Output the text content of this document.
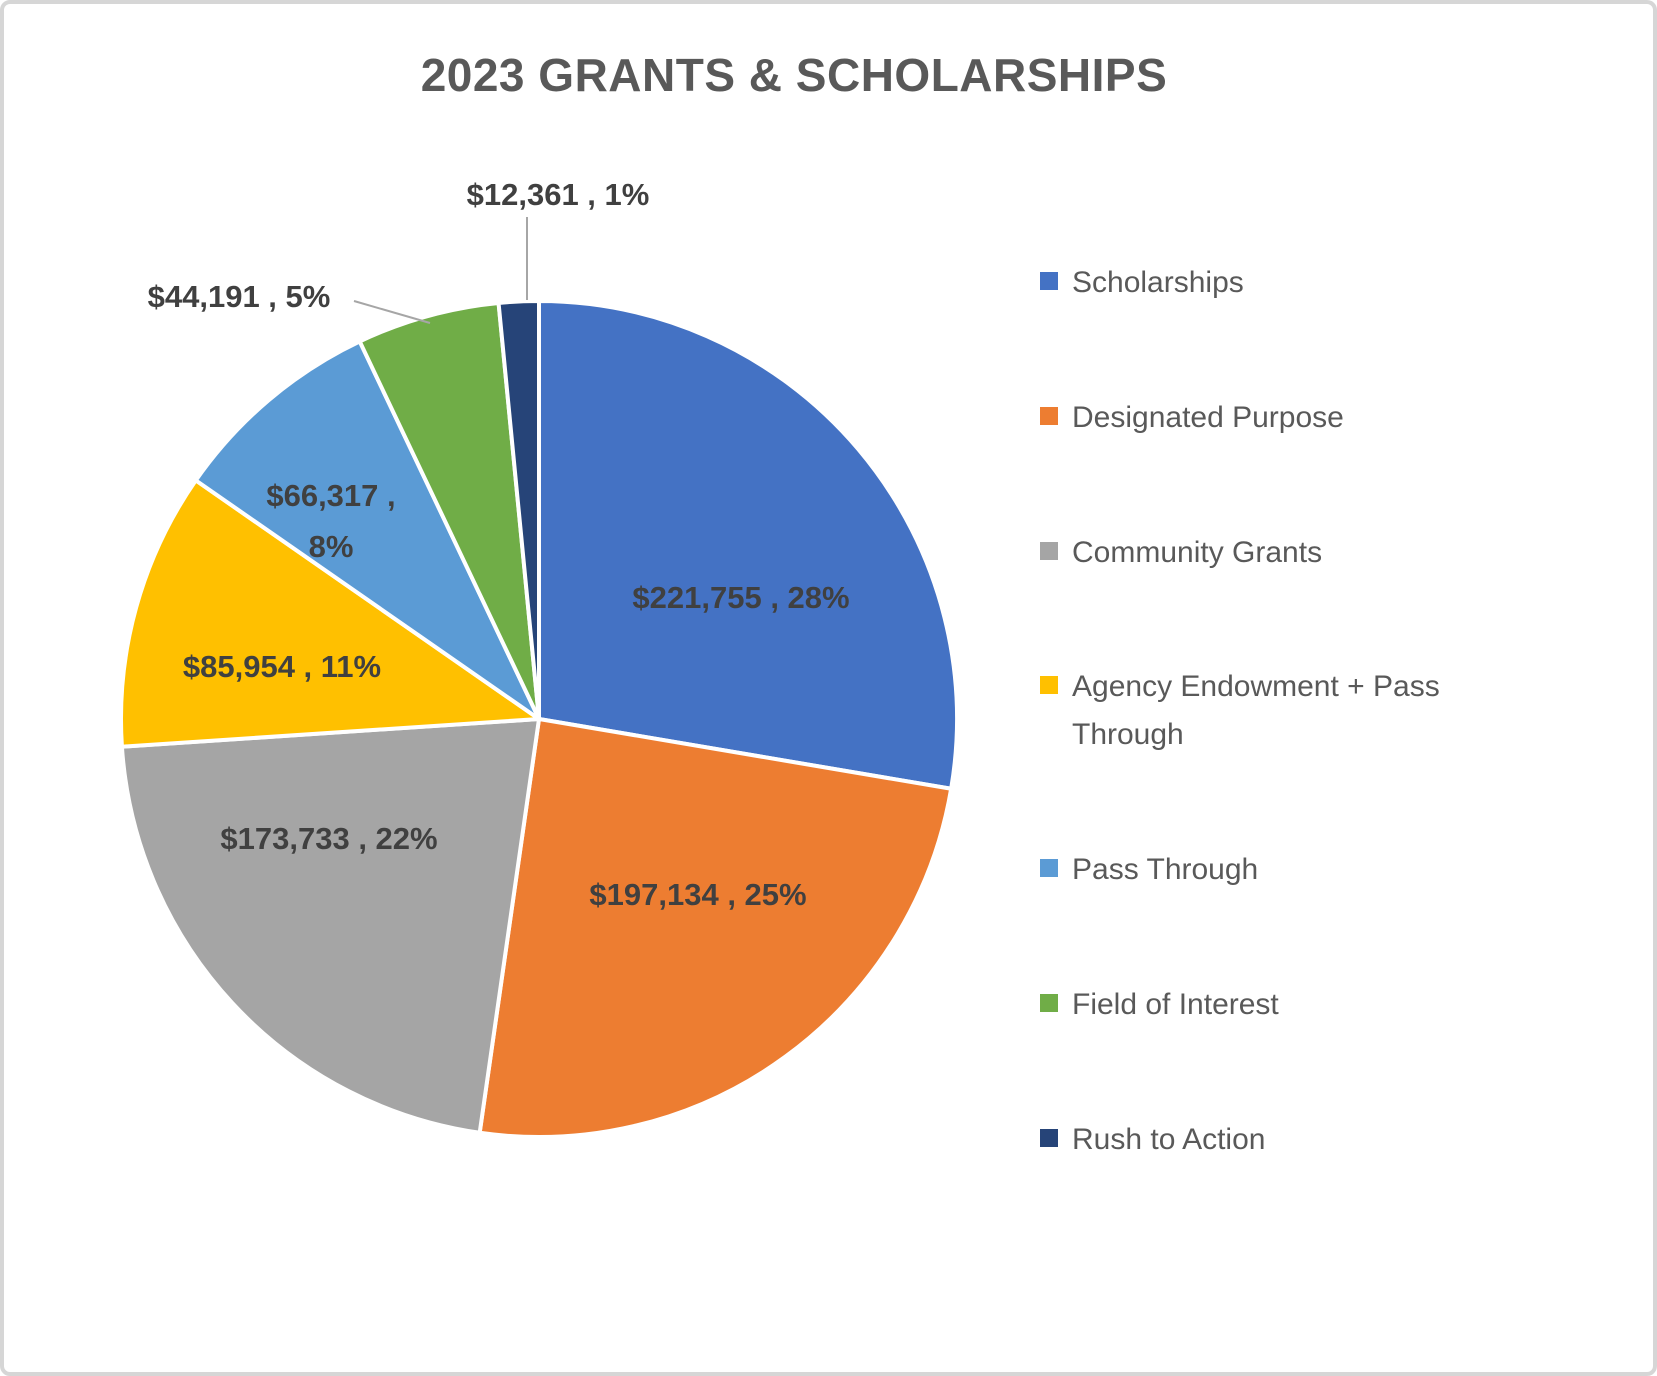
2023 GRANTS & SCHOLARSHIPS
$221,755 , 28%
$197,134 , 25%
$173,733 , 22%
$85,954 , 11%
$66,317 , 8%
$44,191 , 5%
$12,361 , 1%
Scholarships
Designated Purpose
Community Grants
Agency Endowment + Pass Through
Pass Through
Field of Interest
Rush to Action
